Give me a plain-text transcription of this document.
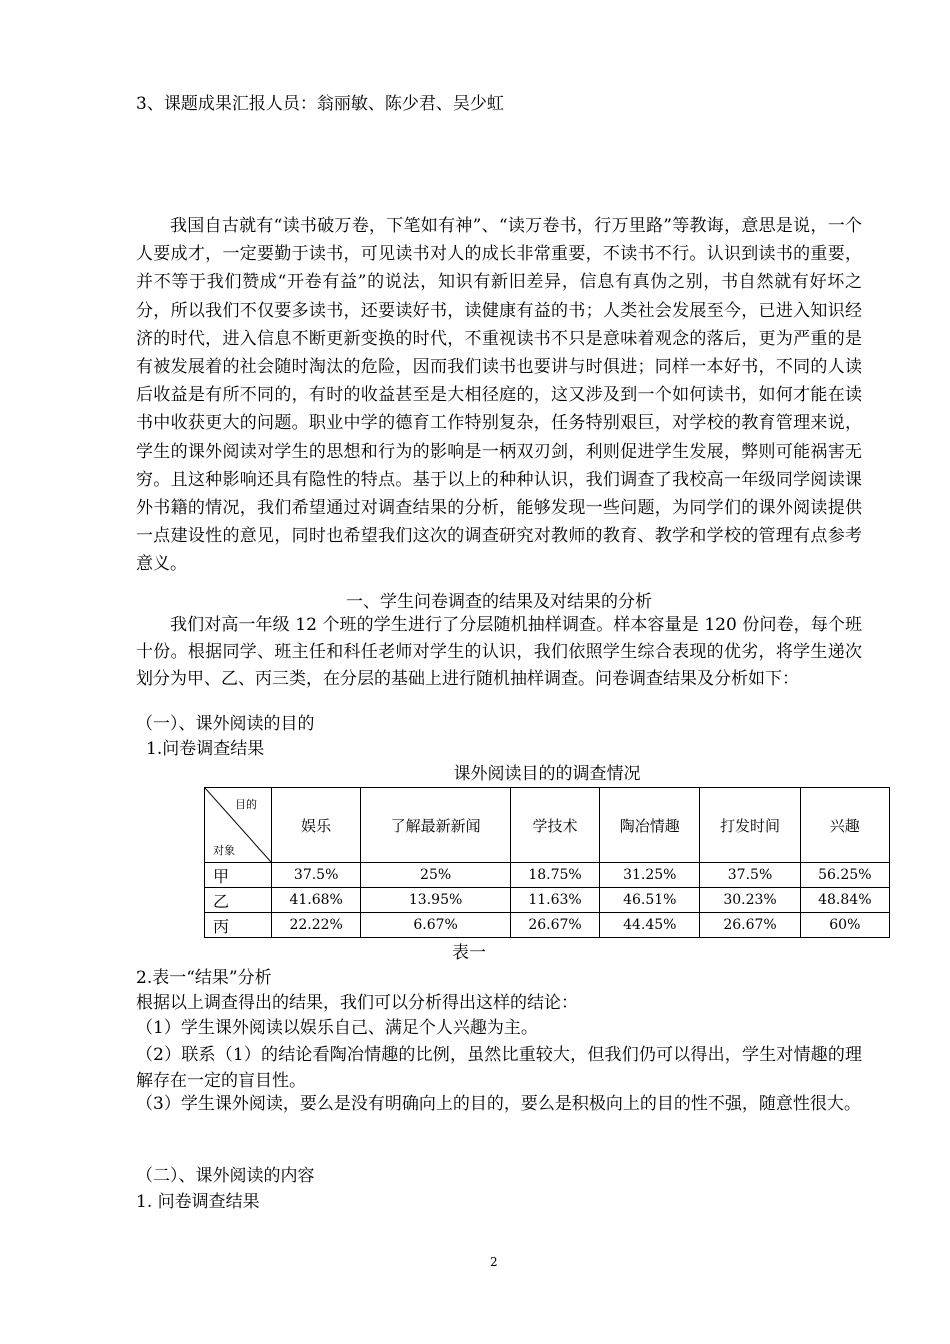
3、课题成果汇报人员：翁丽敏、陈少君、吴少虹
我国自古就有“读书破万卷，下笔如有神”、“读万卷书，行万里路”等教诲，意思是说，一个人要成才，一定要勤于读书，可见读书对人的成长非常重要，不读书不行。认识到读书的重要，并不等于我们赞成“开卷有益”的说法，知识有新旧差异，信息有真伪之别，书自然就有好坏之分，所以我们不仅要多读书，还要读好书，读健康有益的书；人类社会发展至今，已进入知识经济的时代，进入信息不断更新变换的时代，不重视读书不只是意味着观念的落后，更为严重的是有被发展着的社会随时淘汰的危险，因而我们读书也要讲与时俱进；同样一本好书，不同的人读后收益是有所不同的，有时的收益甚至是大相径庭的，这又涉及到一个如何读书，如何才能在读书中收获更大的问题。职业中学的德育工作特别复杂，任务特别艰巨，对学校的教育管理来说，学生的课外阅读对学生的思想和行为的影响是一柄双刃剑，利则促进学生发展，弊则可能祸害无穷。且这种影响还具有隐性的特点。基于以上的种种认识，我们调查了我校高一年级同学阅读课外书籍的情况，我们希望通过对调查结果的分析，能够发现一些问题，为同学们的课外阅读提供一点建设性的意见，同时也希望我们这次的调查研究对教师的教育、教学和学校的管理有点参考意义。
一、学生问卷调查的结果及对结果的分析
我们对高一年级 12 个班的学生进行了分层随机抽样调查。样本容量是 120 份问卷，每个班十份。根据同学、班主任和科任老师对学生的认识，我们依照学生综合表现的优劣，将学生递次划分为甲、乙、丙三类，在分层的基础上进行随机抽样调查。问卷调查结果及分析如下：
（一）、课外阅读的目的
1.问卷调查结果
课外阅读目的的调查情况
目的
对象	娱乐	了解最新新闻	学技术	陶冶情趣	打发时间	兴趣
甲	37.5%	25%	18.75%	31.25%	37.5%	56.25%
乙	41.68%	13.95%	11.63%	46.51%	30.23%	48.84%
丙	22.22%	6.67%	26.67%	44.45%	26.67%	60%
表一
2.表一“结果”分析
根据以上调查得出的结果，我们可以分析得出这样的结论：
（1）学生课外阅读以娱乐自己、满足个人兴趣为主。
（2）联系（1）的结论看陶冶情趣的比例，虽然比重较大，但我们仍可以得出，学生对情趣的理解存在一定的盲目性。
（3）学生课外阅读，要么是没有明确向上的目的，要么是积极向上的目的性不强，随意性很大。
（二）、课外阅读的内容
1. 问卷调查结果
2
